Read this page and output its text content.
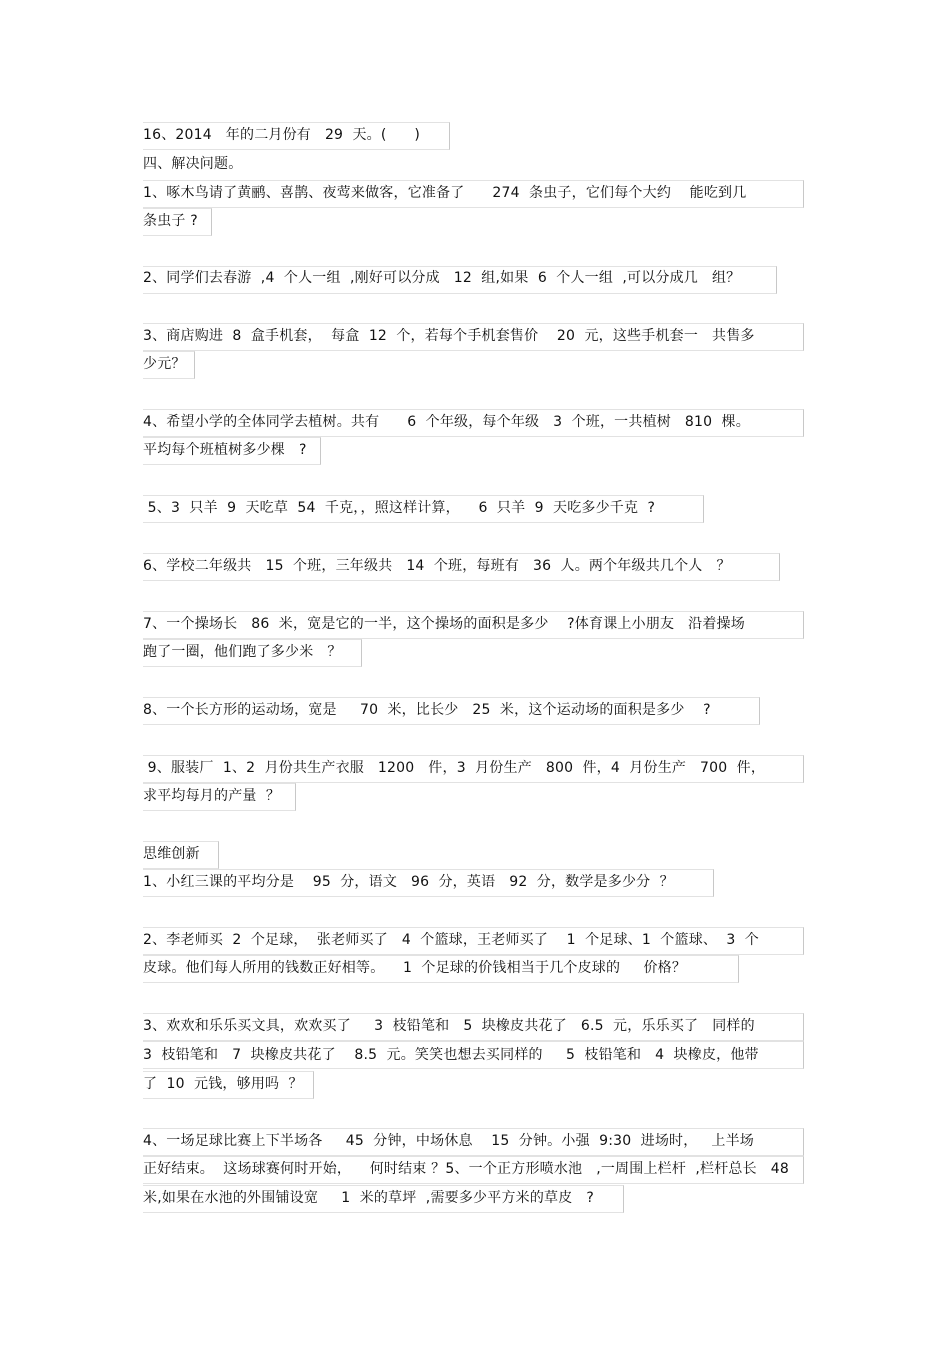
16、2014   年的二月份有   29  天。(      )
四、解决问题。
1、啄木鸟请了黄鹂、喜鹊、夜莺来做客，它准备了      274  条虫子，它们每个大约    能吃到几
条虫子 ?
2、同学们去春游  ,4  个人一组  ,刚好可以分成   12  组,如果  6  个人一组  ,可以分成几   组？
3、商店购进  8  盒手机套，  每盒  12  个，若每个手机套售价    20  元，这些手机套一   共售多
少元？
4、希望小学的全体同学去植树。共有      6  个年级，每个年级   3  个班，一共植树   810  棵。
平均每个班植树多少棵   ?
5、3  只羊  9  天吃草  54  千克，，照这样计算，    6  只羊  9  天吃多少千克  ?
6、学校二年级共   15  个班，三年级共   14  个班，每班有   36  人。两个年级共几个人   ？
7、一个操场长   86  米，宽是它的一半，这个操场的面积是多少    ?体育课上小朋友   沿着操场
跑了一圈，他们跑了多少米   ？
8、一个长方形的运动场，宽是     70  米，比长少   25  米，这个运动场的面积是多少    ?
9、服装厂  1、2  月份共生产衣服   1200   件，3  月份生产   800  件，4  月份生产   700  件，
求平均每月的产量  ？
思维创新
1、小红三课的平均分是    95  分，语文   96  分，英语   92  分，数学是多少分  ？
2、李老师买  2  个足球，  张老师买了   4  个篮球，王老师买了    1  个足球、1  个篮球、  3  个
皮球。他们每人所用的钱数正好相等。    1  个足球的价钱相当于几个皮球的     价格？
3、欢欢和乐乐买文具，欢欢买了     3  枝铅笔和   5  块橡皮共花了   6.5  元，乐乐买了   同样的
3  枝铅笔和   7  块橡皮共花了    8.5  元。笑笑也想去买同样的     5  枝铅笔和   4  块橡皮，他带
了  10  元钱，够用吗  ？
4、一场足球比赛上下半场各     45  分钟，中场休息    15  分钟。小强  9:30  进场时，   上半场
正好结束。  这场球赛何时开始，    何时结束 ？5、一个正方形喷水池   ,一周围上栏杆  ,栏杆总长   48
米,如果在水池的外围铺设宽     1  米的草坪  ,需要多少平方米的草皮   ?
